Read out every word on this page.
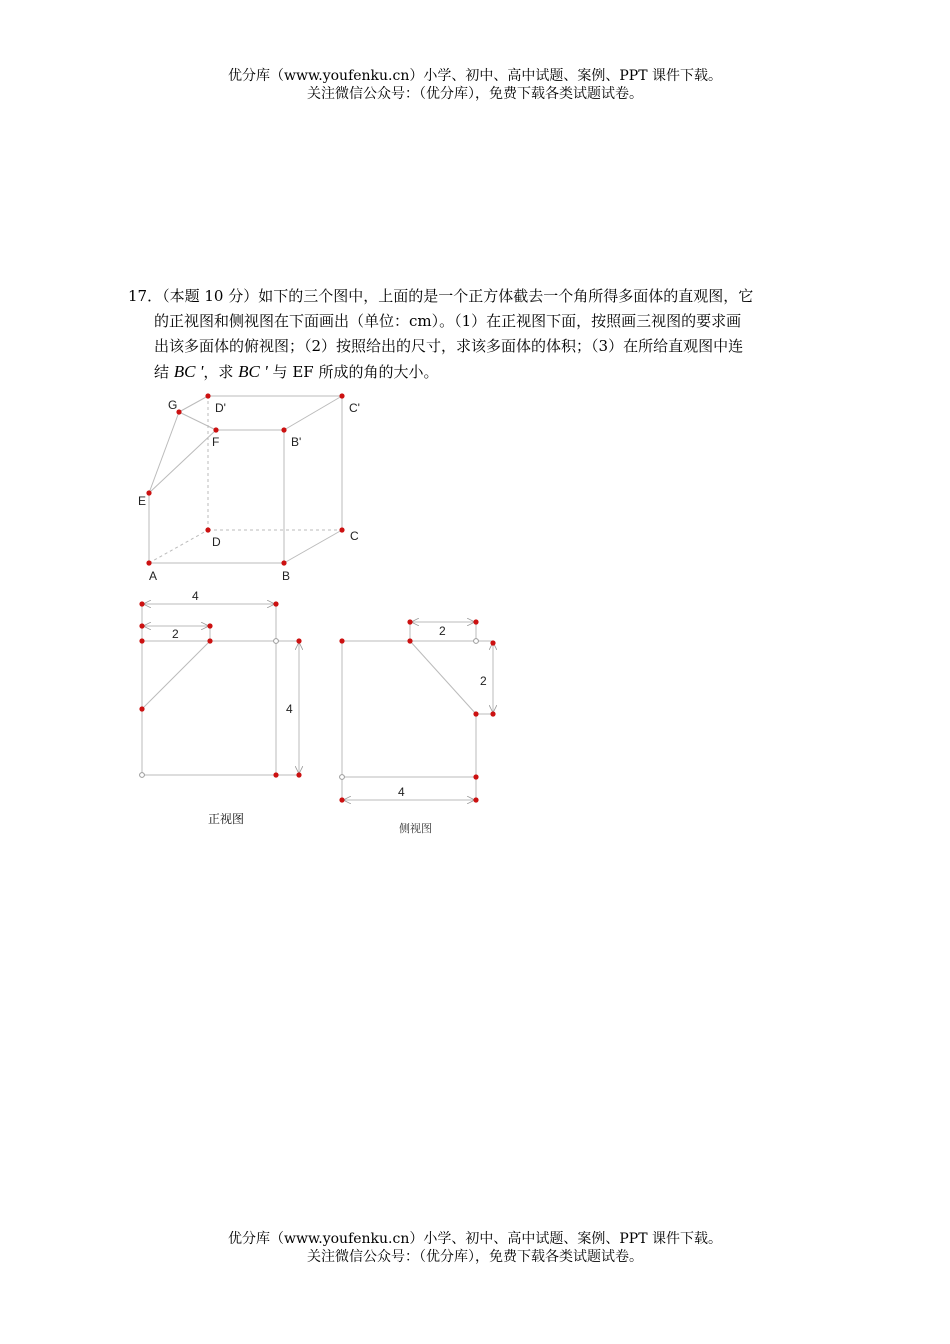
优分库（www.youfenku.cn）小学、初中、高中试题、案例、PPT 课件下载。
关注微信公众号：（优分库），免费下载各类试题试卷。

17．（本题 10 分）如下的三个图中，上面的是一个正方体截去一个角所得多面体的直观图，它

的正视图和侧视图在下面画出（单位：cm）。（1）在正视图下面，按照画三视图的要求画

出该多面体的俯视图；（2）按照给出的尺寸，求该多面体的体积；（3）在所给直观图中连

结 BC '，求 BC ' 与 EF 所成的角的大小。

G	D'	C'
F	B'
E
D	C
A	B
4
2
4
正视图
2
2
4
侧视图
优分库（www.youfenku.cn）小学、初中、高中试题、案例、PPT 课件下载。
关注微信公众号：（优分库），免费下载各类试题试卷。
